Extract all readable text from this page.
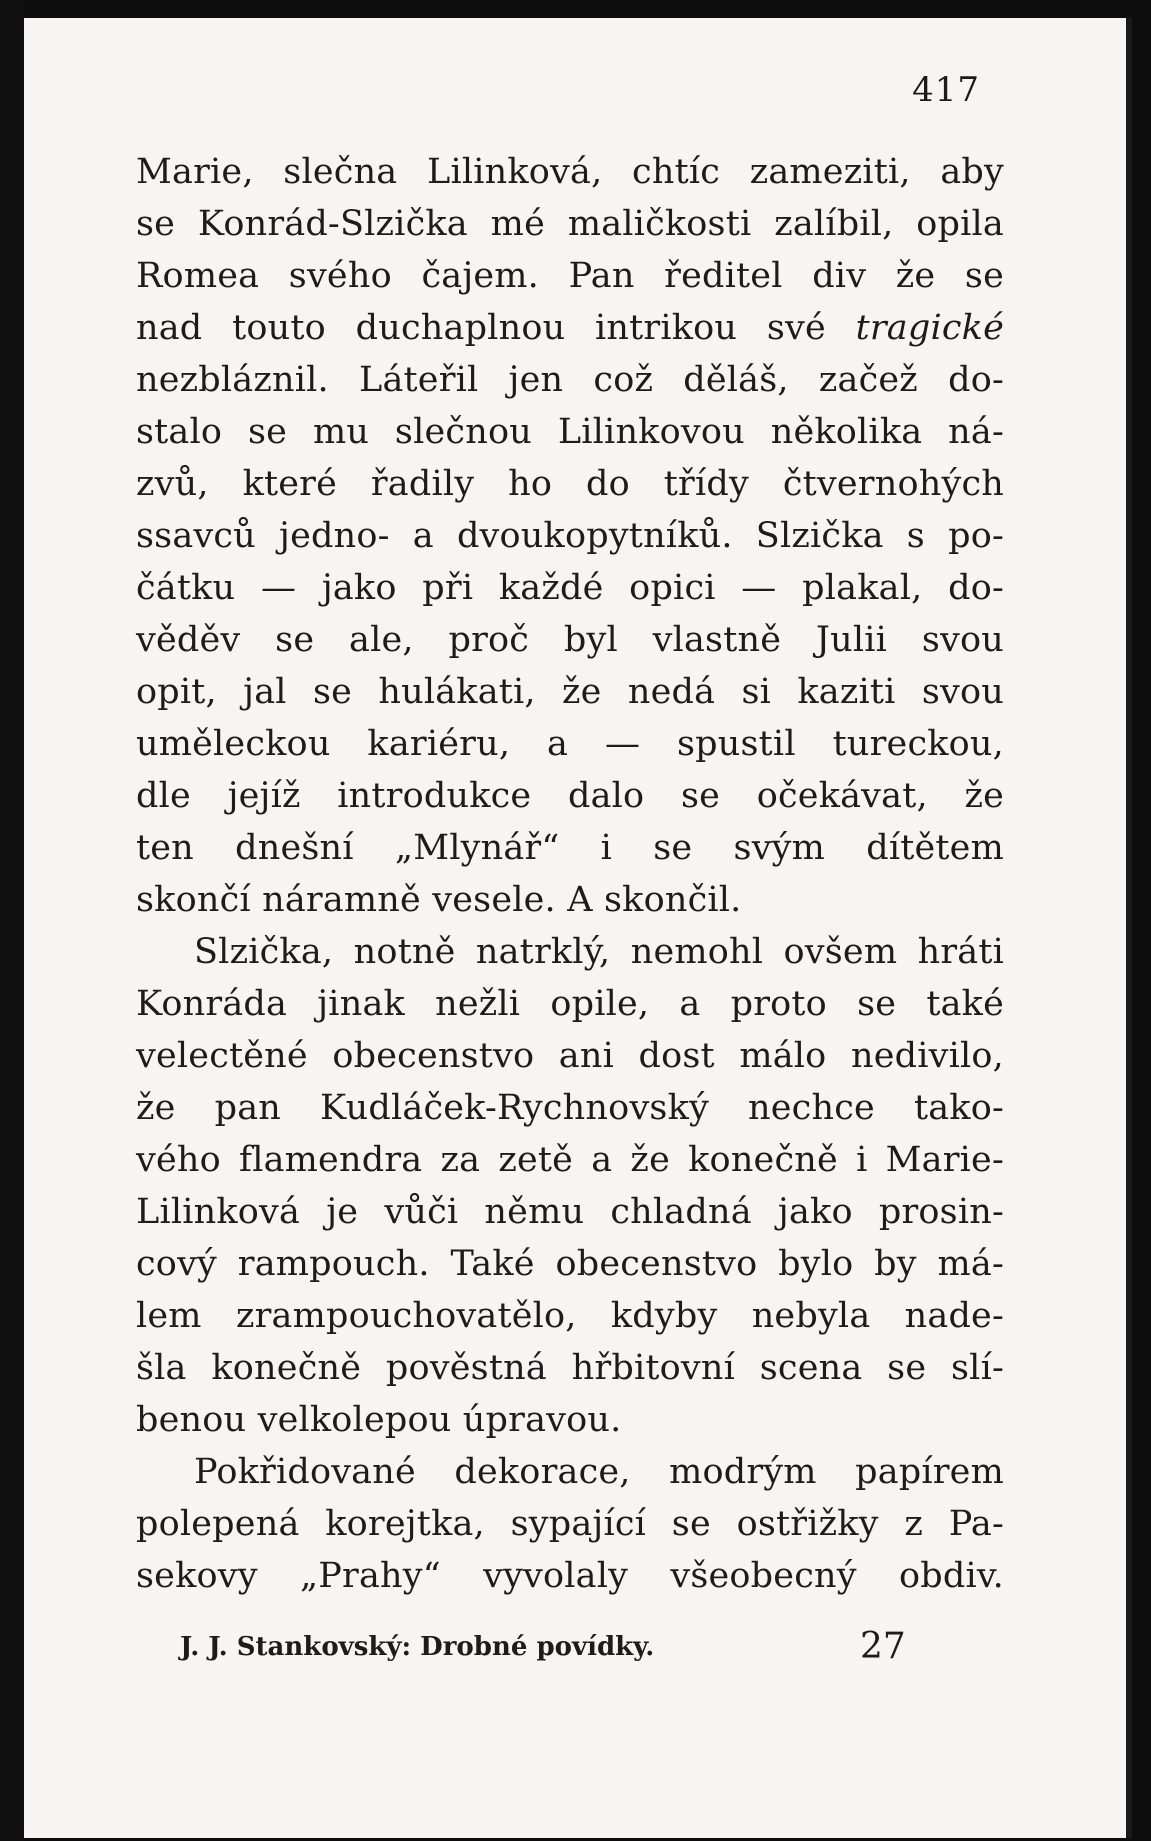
417
Marie, slečna Lilinková, chtíc zameziti, aby
se Konrád-Slzička mé maličkosti zalíbil, opila
Romea svého čajem. Pan ředitel div že se
nad touto duchaplnou intrikou své tragické
nezbláznil. Láteřil jen což děláš, začež do-
stalo se mu slečnou Lilinkovou několika ná-
zvů, které řadily ho do třídy čtvernohých
ssavců jedno- a dvoukopytníků. Slzička s po-
čátku — jako při každé opici — plakal, do-
věděv se ale, proč byl vlastně Julii svou
opit, jal se hulákati, že nedá si kaziti svou
uměleckou kariéru, a — spustil tureckou,
dle jejíž introdukce dalo se očekávat, že
ten dnešní „Mlynář“ i se svým dítětem
skončí náramně vesele. A skončil.
Slzička, notně natrklý, nemohl ovšem hráti
Konráda jinak nežli opile, a proto se také
velectěné obecenstvo ani dost málo nedivilo,
že pan Kudláček-Rychnovský nechce tako-
vého flamendra za zetě a že konečně i Marie-
Lilinková je vůči němu chladná jako prosin-
cový rampouch. Také obecenstvo bylo by má-
lem zrampouchovatělo, kdyby nebyla nade-
šla konečně pověstná hřbitovní scena se slí-
benou velkolepou úpravou.
Pokřidované dekorace, modrým papírem
polepená korejtka, sypající se ostřižky z Pa-
sekovy „Prahy“ vyvolaly všeobecný obdiv.
J. J. Stankovský: Drobné povídky.	27
